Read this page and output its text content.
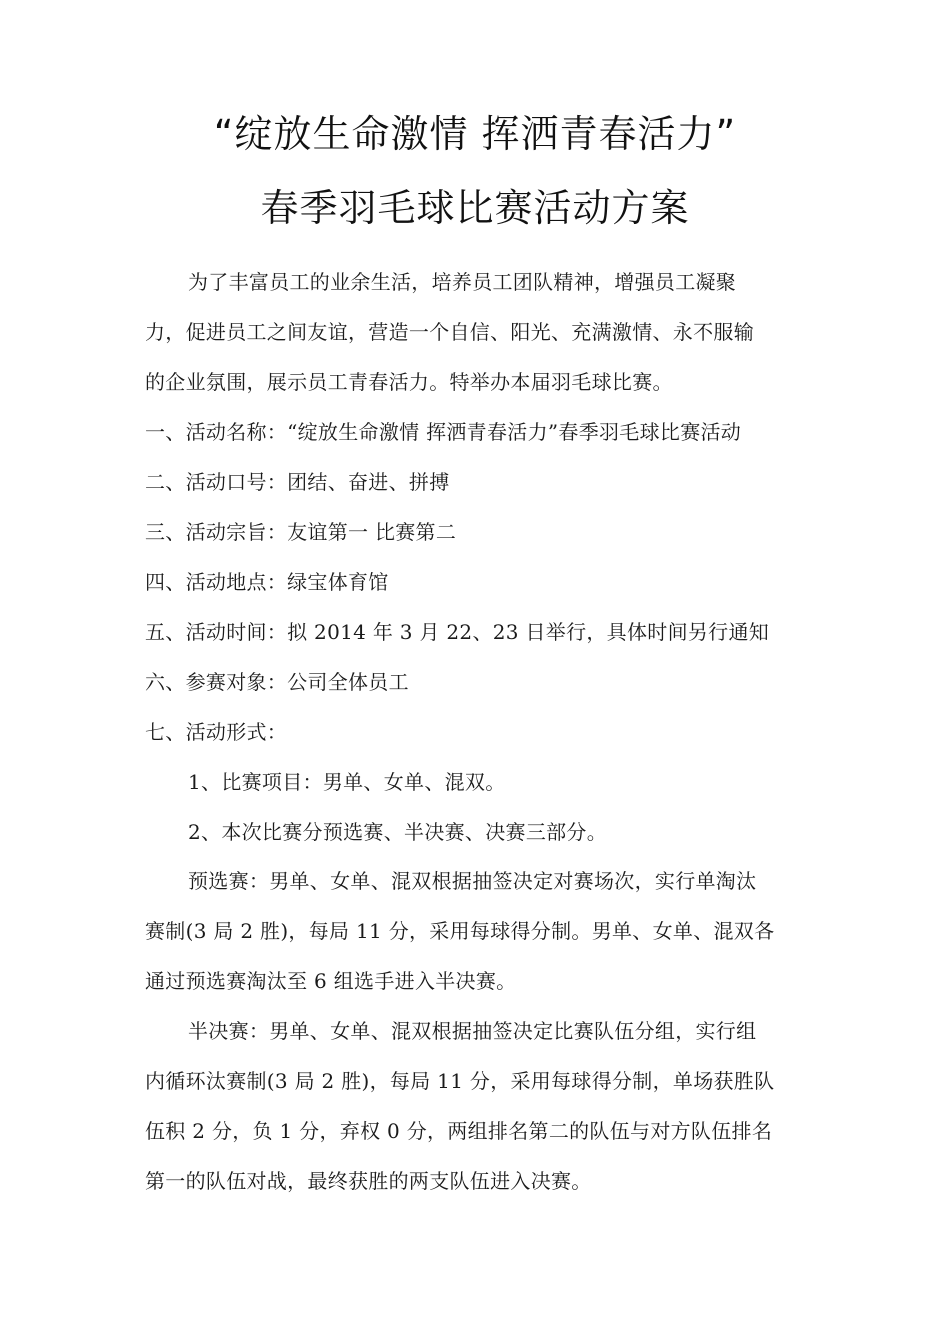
“绽放生命激情 挥洒青春活力”
春季羽毛球比赛活动方案
为了丰富员工的业余生活，培养员工团队精神，增强员工凝聚
力，促进员工之间友谊，营造一个自信、阳光、充满激情、永不服输
的企业氛围，展示员工青春活力。特举办本届羽毛球比赛。
一、活动名称：“绽放生命激情 挥洒青春活力”春季羽毛球比赛活动
二、活动口号：团结、奋进、拼搏
三、活动宗旨：友谊第一 比赛第二
四、活动地点：绿宝体育馆
五、活动时间：拟 2014 年 3 月 22、23 日举行，具体时间另行通知
六、参赛对象：公司全体员工
七、活动形式：
1、比赛项目：男单、女单、混双。
2、本次比赛分预选赛、半决赛、决赛三部分。
预选赛：男单、女单、混双根据抽签决定对赛场次，实行单淘汰
赛制(3 局 2 胜)，每局 11 分，采用每球得分制。男单、女单、混双各
通过预选赛淘汰至 6 组选手进入半决赛。
半决赛：男单、女单、混双根据抽签决定比赛队伍分组，实行组
内循环汰赛制(3 局 2 胜)，每局 11 分，采用每球得分制，单场获胜队
伍积 2 分，负 1 分，弃权 0 分，两组排名第二的队伍与对方队伍排名
第一的队伍对战，最终获胜的两支队伍进入决赛。
